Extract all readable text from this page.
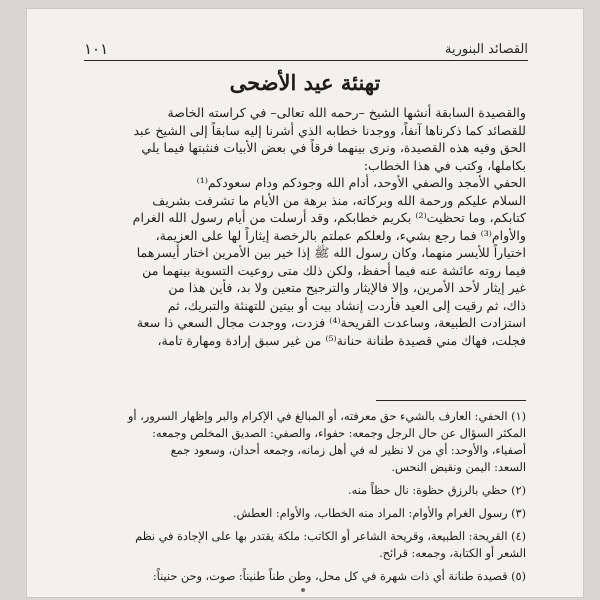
القصائد البنورية
١٠١
تهنئة عيد الأضحى
والقصيدة السابقة أنشها الشيخ –رحمه الله تعالى– في كراسته الخاصة
للقصائد كما ذكرناها آنفاً، ووجدنا خطابه الذي أشرنا إليه سابقاً إلى الشيخ عبد
الحق وفيه هذه القصيدة، ونرى بينهما فرقاً في بعض الأبيات فنثبتها فيما يلي
بكاملها، وكتب في هذا الخطاب:
الحفي الأمجد والصفي الأوحد، أدام الله وجودكم ودام سعودكم⁽¹⁾
السلام عليكم ورحمة الله وبركاته، منذ برهة من الأيام ما تشرفت بشريف
كتابكم، وما تحظيت⁽²⁾ بكريم خطابكم، وقد أرسلت من أيام رسول الله الغرام
والأوام⁽³⁾ فما رجع بشيء، ولعلكم عملتم بالرخصة إيثاراً لها على العزيمة،
اختياراً للأيسر منهما، وكان رسول الله ﷺ إذا خير بين الأمرين اختار أيسرهما
فيما روته عائشة عنه فيما أحفظ، ولكن ذلك متى روعيت التسوية بينهما من
غير إيثار لأحد الأمرين، وإلا فالإيثار والترجيح متعين ولا بد، فأين هذا من
ذاك، ثم رقيت إلى العيد فأردت إنشاد بيت أو بيتين للتهنئة والتبريك، ثم
استزادت الطبيعة، وساعدت القريحة⁽⁴⁾ فزدت، ووجدت مجال السعي ذا سعة
فجلت، فهاك مني قصيدة طنانة حنانة⁽⁵⁾ من غير سبق إرادة ومهارة تامة،
(١) الحفي: العارف بالشيء حق معرفته، أو المبالغ في الإكرام والبر وإظهار السرور، أو
المكثر السؤال عن حال الرجل وجمعه: حفواء، والصفي: الصديق المخلص وجمعه:
أصفياء، والأوحد: أي من لا نظير له في أهل زمانه، وجمعه أحدان، وسعود جمع
السعد: اليمن ونقيض النحس.
(٢) حظي بالرزق حظوة: نال حظاً منه.
(٣) رسول الغرام والأوام: المراد منه الخطاب، والأوام: العطش.
(٤) القريحة: الطبيعة، وقريحة الشاعر أو الكاتب: ملكة يقتدر بها على الإجادة في نظم
الشعر أو الكتابة، وجمعه: قرائح.
(٥) قصيدة طنانة أي ذات شهرة في كل محل، وطن طناً طنيناً: صوت، وحن حنيناً:
